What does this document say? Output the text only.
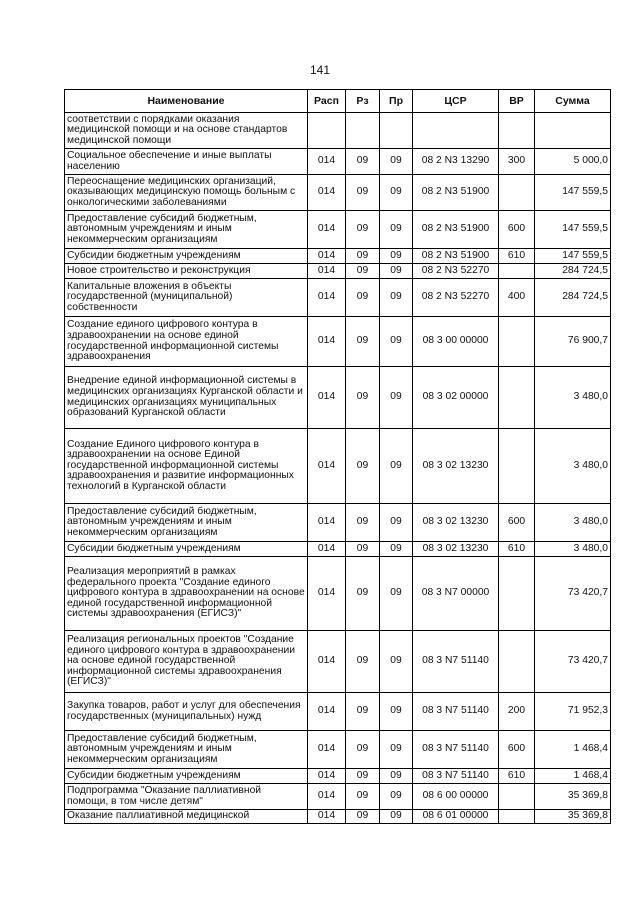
141
Наименование	Расп	Рз	Пр	ЦСР	ВР	Сумма
соответствии с порядками оказания медицинской помощи и на основе стандартов медицинской помощи						
Социальное обеспечение и иные выплаты населению	014	09	09	08 2 N3 13290	300	5 000,0
Переоснащение медицинских организаций, оказывающих медицинскую помощь больным с онкологическими заболеваниями	014	09	09	08 2 N3 51900		147 559,5
Предоставление субсидий бюджетным, автономным учреждениям и иным некоммерческим организациям	014	09	09	08 2 N3 51900	600	147 559,5
Субсидии бюджетным учреждениям	014	09	09	08 2 N3 51900	610	147 559,5
Новое строительство и реконструкция	014	09	09	08 2 N3 52270		284 724,5
Капитальные вложения в объекты государственной (муниципальной) собственности	014	09	09	08 2 N3 52270	400	284 724,5
Создание единого цифрового контура в здравоохранении на основе единой государственной информационной системы здравоохранения	014	09	09	08 3 00 00000		76 900,7
Внедрение единой информационной системы в медицинских организациях Курганской области и медицинских организациях муниципальных образований Курганской области	014	09	09	08 3 02 00000		3 480,0
Создание Единого цифрового контура в здравоохранении на основе Единой государственной информационной системы здравоохранения и развитие информационных технологий в Курганской области	014	09	09	08 3 02 13230		3 480,0
Предоставление субсидий бюджетным, автономным учреждениям и иным некоммерческим организациям	014	09	09	08 3 02 13230	600	3 480,0
Субсидии бюджетным учреждениям	014	09	09	08 3 02 13230	610	3 480,0
Реализация мероприятий в рамках федерального проекта "Создание единого цифрового контура в здравоохранении на основе единой государственной информационной системы здравоохранения (ЕГИСЗ)"	014	09	09	08 3 N7 00000		73 420,7
Реализация региональных проектов "Создание единого цифрового контура в здравоохранении на основе единой государственной информационной системы здравоохранения (ЕГИСЗ)"	014	09	09	08 3 N7 51140		73 420,7
Закупка товаров, работ и услуг для обеспечения государственных (муниципальных) нужд	014	09	09	08 3 N7 51140	200	71 952,3
Предоставление субсидий бюджетным, автономным учреждениям и иным некоммерческим организациям	014	09	09	08 3 N7 51140	600	1 468,4
Субсидии бюджетным учреждениям	014	09	09	08 3 N7 51140	610	1 468,4
Подпрограмма "Оказание паллиативной помощи, в том числе детям"	014	09	09	08 6 00 00000		35 369,8
Оказание паллиативной медицинской	014	09	09	08 6 01 00000		35 369,8
